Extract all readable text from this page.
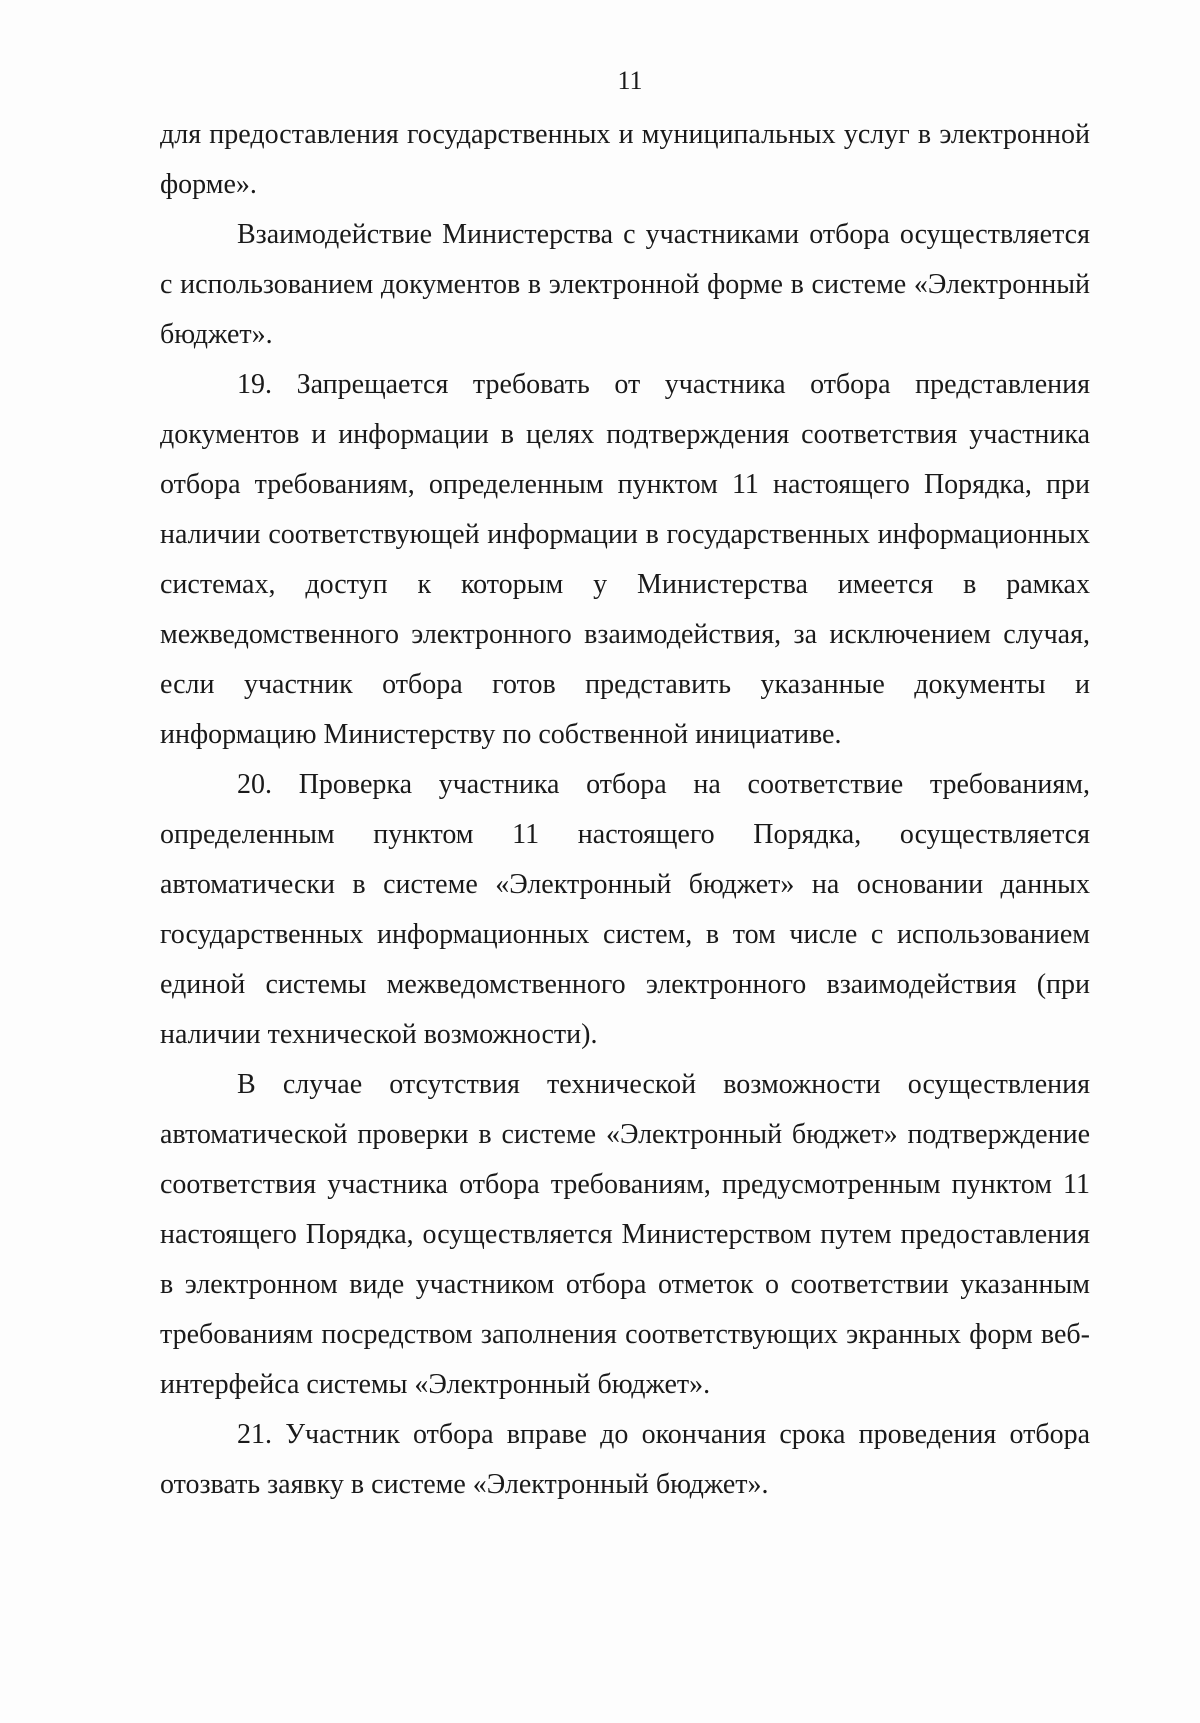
11

для предоставления государственных и муниципальных услуг в электронной форме».

Взаимодействие Министерства с участниками отбора осуществляется с использованием документов в электронной форме в системе «Электронный бюджет».

19. Запрещается требовать от участника отбора представления документов и информации в целях подтверждения соответствия участника отбора требованиям, определенным пунктом 11 настоящего Порядка, при наличии соответствующей информации в государственных информационных системах, доступ к которым у Министерства имеется в рамках межведомственного электронного взаимодействия, за исключением случая, если участник отбора готов представить указанные документы и информацию Министерству по собственной инициативе.

20. Проверка участника отбора на соответствие требованиям, определенным пунктом 11 настоящего Порядка, осуществляется автоматически в системе «Электронный бюджет» на основании данных государственных информационных систем, в том числе с использованием единой системы межведомственного электронного взаимодействия (при наличии технической возможности).

В случае отсутствия технической возможности осуществления автоматической проверки в системе «Электронный бюджет» подтверждение соответствия участника отбора требованиям, предусмотренным пунктом 11 настоящего Порядка, осуществляется Министерством путем предоставления в электронном виде участником отбора отметок о соответствии указанным требованиям посредством заполнения соответствующих экранных форм веб-интерфейса системы «Электронный бюджет».

21. Участник отбора вправе до окончания срока проведения отбора отозвать заявку в системе «Электронный бюджет».
